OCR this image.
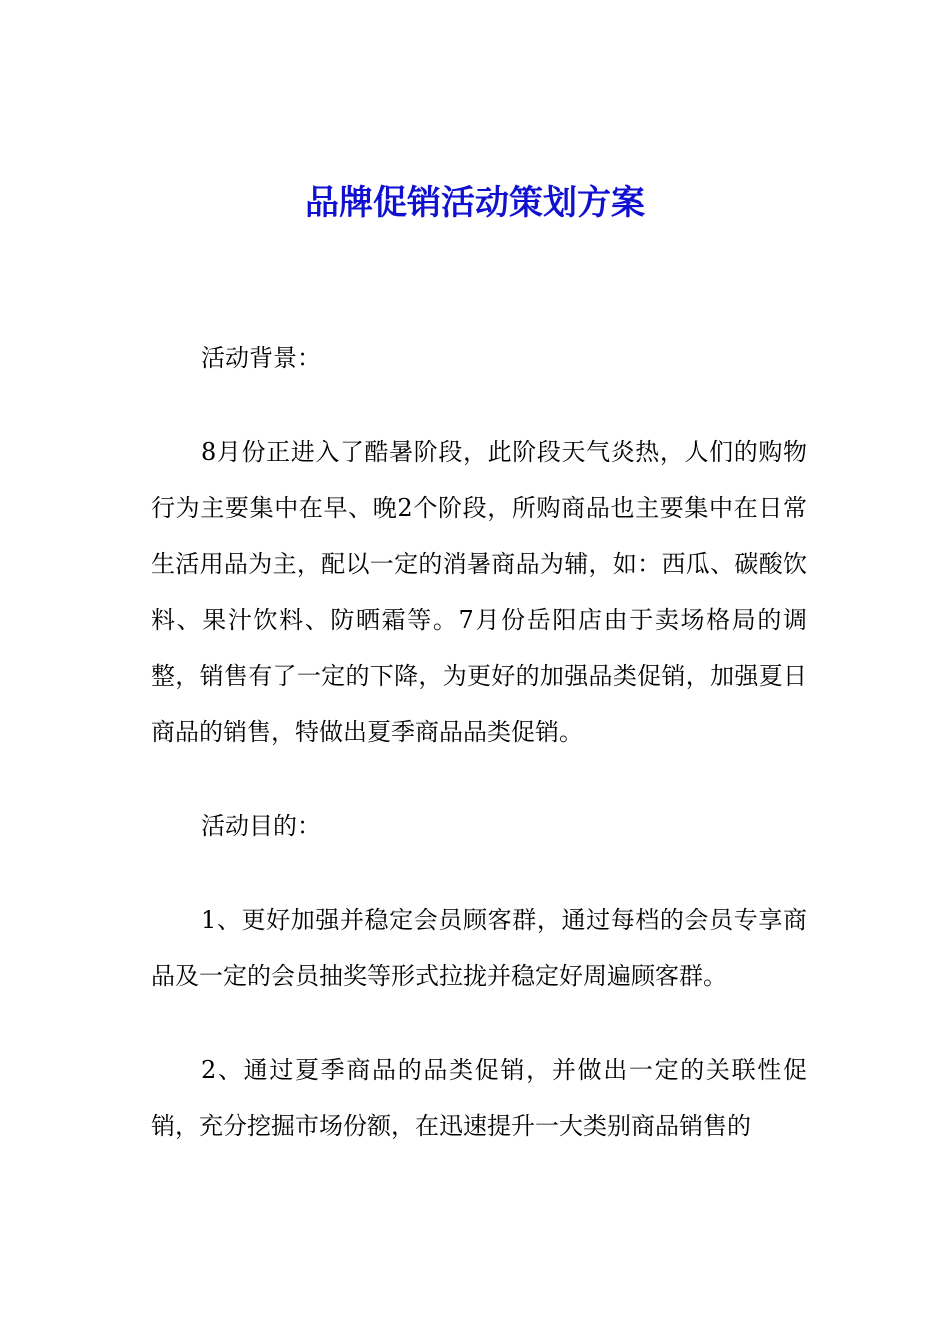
品牌促销活动策划方案

活动背景：

8月份正进入了酷暑阶段，此阶段天气炎热，人们的购物行为主要集中在早、晚2个阶段，所购商品也主要集中在日常生活用品为主，配以一定的消暑商品为辅，如：西瓜、碳酸饮料、果汁饮料、防晒霜等。7月份岳阳店由于卖场格局的调整，销售有了一定的下降，为更好的加强品类促销，加强夏日商品的销售，特做出夏季商品品类促销。

活动目的：

1、更好加强并稳定会员顾客群，通过每档的会员专享商品及一定的会员抽奖等形式拉拢并稳定好周遍顾客群。

2、通过夏季商品的品类促销，并做出一定的关联性促销，充分挖掘市场份额，在迅速提升一大类别商品销售的
